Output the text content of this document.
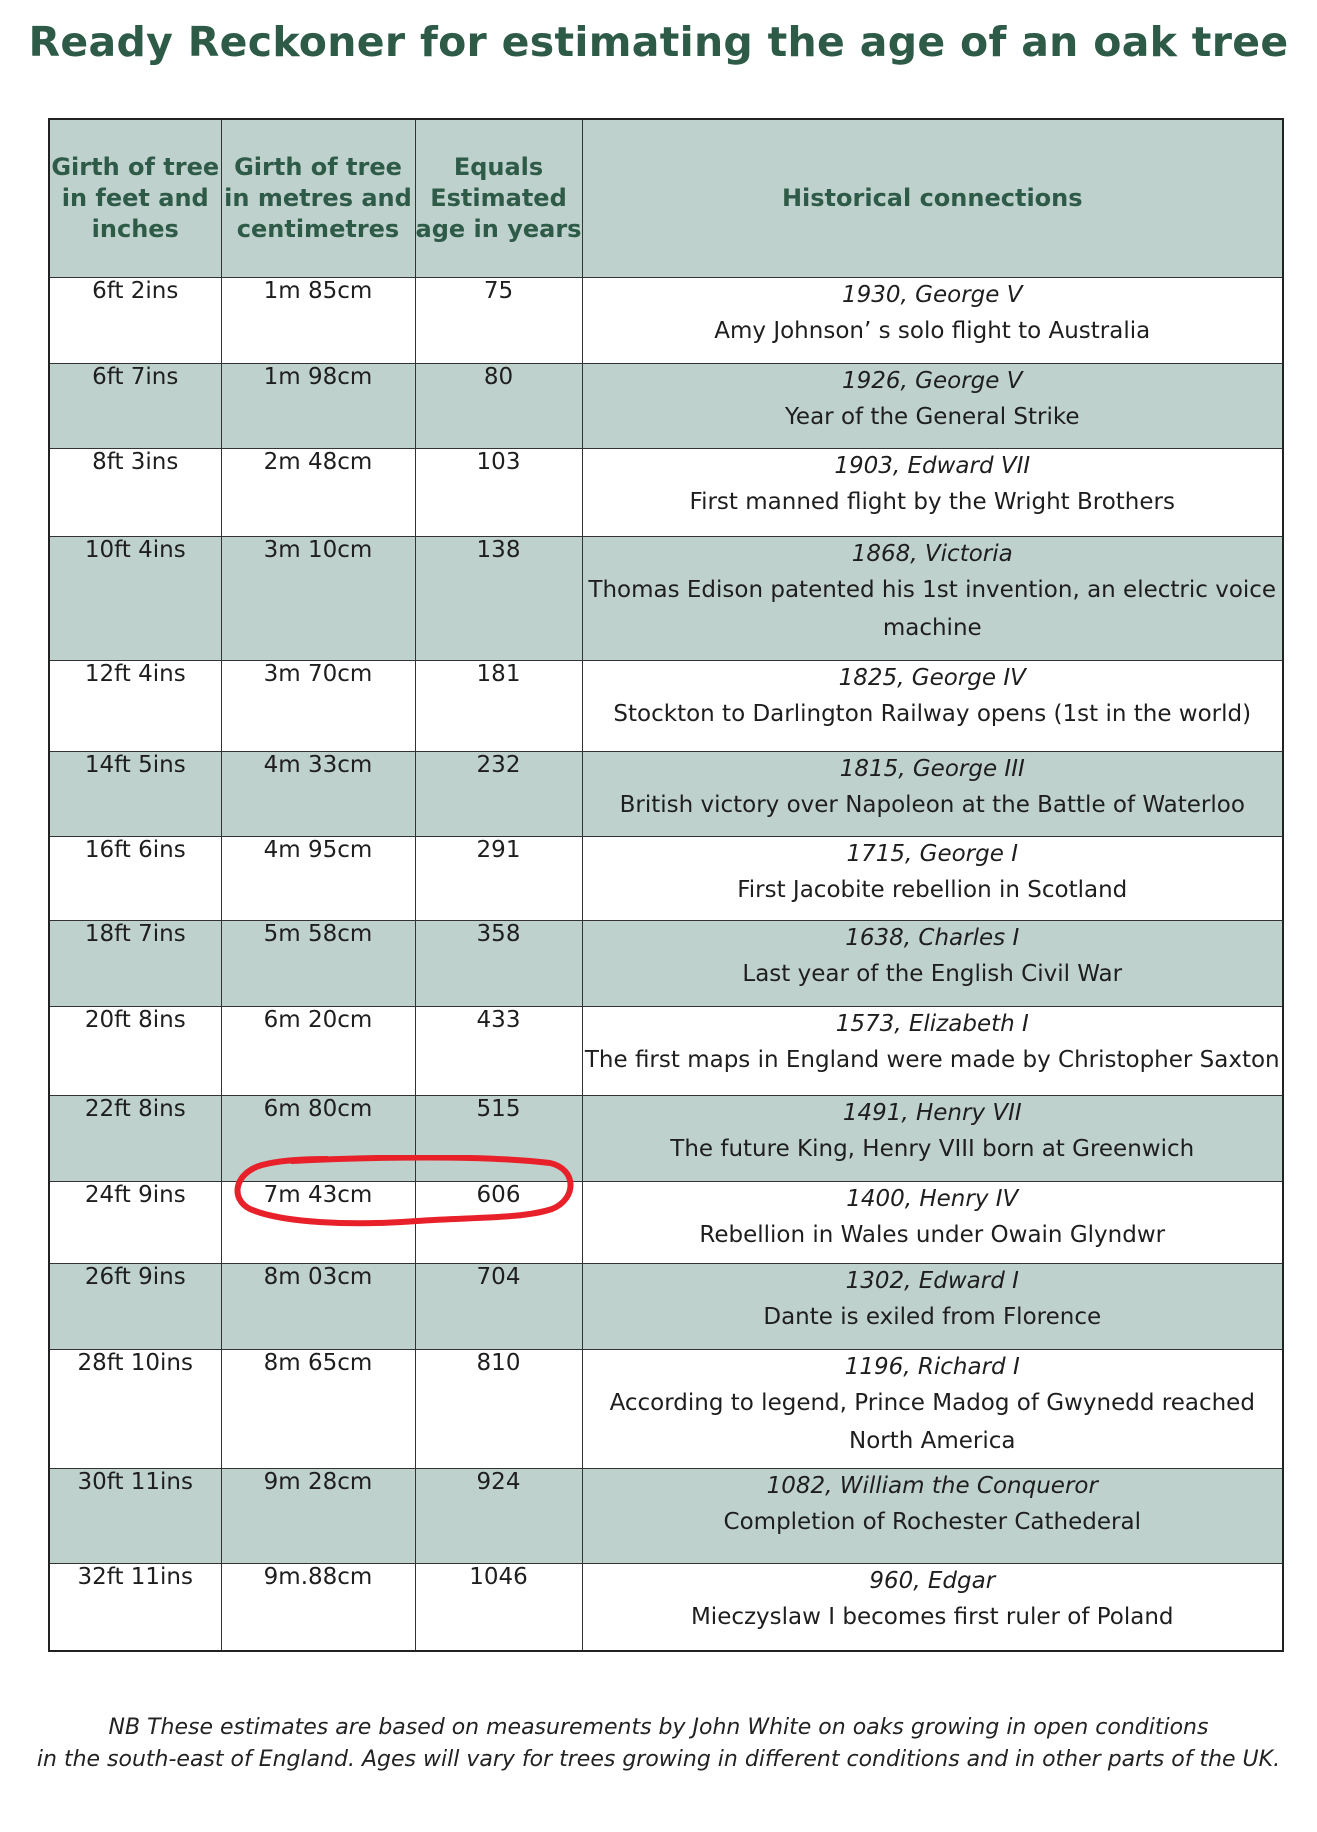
Ready Reckoner for estimating the age of an oak tree
Girth of tree in feet and inches	Girth of tree in metres and centimetres	Equals Estimated age in years	Historical connections
6ft 2ins	1m 85cm	75	1930, George V
Amy Johnson’ s solo flight to Australia

6ft 7ins	1m 98cm	80	1926, George V
Year of the General Strike

8ft 3ins	2m 48cm	103	1903, Edward VII
First manned flight by the Wright Brothers

10ft 4ins	3m 10cm	138	1868, Victoria
Thomas Edison patented his 1st invention, an electric voice machine

12ft 4ins	3m 70cm	181	1825, George IV
Stockton to Darlington Railway opens (1st in the world)

14ft 5ins	4m 33cm	232	1815, George III
British victory over Napoleon at the Battle of Waterloo

16ft 6ins	4m 95cm	291	1715, George I
First Jacobite rebellion in Scotland

18ft 7ins	5m 58cm	358	1638, Charles I
Last year of the English Civil War

20ft 8ins	6m 20cm	433	1573, Elizabeth I
The first maps in England were made by Christopher Saxton

22ft 8ins	6m 80cm	515	1491, Henry VII
The future King, Henry VIII born at Greenwich

24ft 9ins	7m 43cm	606	1400, Henry IV
Rebellion in Wales under Owain Glyndwr

26ft 9ins	8m 03cm	704	1302, Edward I
Dante is exiled from Florence

28ft 10ins	8m 65cm	810	1196, Richard I
According to legend, Prince Madog of Gwynedd reached North America

30ft 11ins	9m 28cm	924	1082, William the Conqueror
Completion of Rochester Cathederal

32ft 11ins	9m.88cm	1046	960, Edgar
Mieczyslaw I becomes first ruler of Poland
NB These estimates are based on measurements by John White on oaks growing in open conditions
in the south-east of England. Ages will vary for trees growing in different conditions and in other parts of the UK.
